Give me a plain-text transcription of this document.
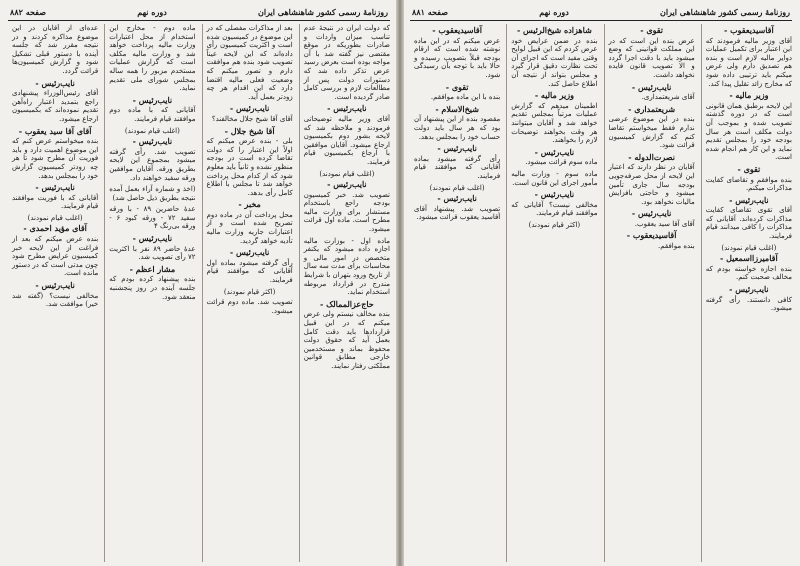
روزنامهٔ رسمی کشور شاهنشاهی ایران
دوره نهم
صفحه ۸۸۲

که دولت ایران در نتیجهٔ عدم تناسب میزان واردات و صادرات بطوریکه در موقع مقتضی نیز گفته شد با آن مواجه بوده است بعرض رسید عرض تذکر داده شد که دستورات دولت پس از مطالعات لازم و بررسی کامل صادر گردیده است.

نایب‌رئیس -

آقای وزیر مالیه توضیحاتی فرمودند و ملاحظه شد که لایحه بشور دوم بکمیسیون ارجاع میشود. آقایان موافقین با ارجاع بکمیسیون قیام فرمایند.

(اغلب قیام نمودند)
نایب‌رئیس -

تصویب شد. خبر کمیسیون بودجه راجع باستخدام مستشار برای وزارت مالیه مطرح است. ماده اول قرائت میشود.

ماده اول - بوزارت مالیه اجازه داده میشود که یکنفر متخصص در امور مالی و محاسبات برای مدت سه سال از تاریخ ورود بتهران با شرایط مندرج در قرارداد مربوطه استخدام نماید.

حاج‌عزالممالک -

بنده مخالف نیستم ولی عرض میکنم که در این قبیل قراردادها باید دقت کامل بعمل آید که حقوق دولت محفوظ بماند و مستخدمین خارجی مطابق قوانین مملکتی رفتار نمایند.

بعد از مذاکرات مفصلی که در این موضوع در کمیسیون شده است و اکثریت کمیسیون رأی داده‌اند که این لایحه عیناً تصویب شود بنده هم موافقت دارم و تصور میکنم که وضعیت فعلی مالیه اقتضا دارد که این اقدام هر چه زودتر بعمل آید.

نایب‌رئیس -

آقای آقا شیخ جلال مخالفند؟

آقا شیخ جلال -

بلی - بنده عرض میکنم که اولاً این اعتبار را که دولت تقاضا کرده است در بودجه منظور نشده و ثانیاً باید معلوم شود که از کدام محل پرداخت خواهد شد تا مجلس با اطلاع کامل رأی بدهد.

مخبر -

محل پرداخت آن در ماده دوم تصریح شده است و از اعتبارات جاریه وزارت مالیه تأدیه خواهد گردید.

نایب‌رئیس -

رأی گرفته میشود بماده اول آقایانی که موافقند قیام فرمایند.

(اکثر قیام نمودند)

تصویب شد. ماده دوم قرائت میشود.

ماده دوم - مخارج این استخدام از محل اعتبارات وزارت مالیه پرداخت خواهد شد و وزارت مالیه مکلف است که گزارش عملیات مستخدم مزبور را همه ساله بمجلس شورای ملی تقدیم نماید.

نایب‌رئیس -

آقایانی که با ماده دوم موافقند قیام فرمایند.

(اغلب قیام نمودند)
نایب‌رئیس -

تصویب شد. رأی گرفته میشود بمجموع این لایحه بطریق ورقه. آقایان موافقین ورقه سفید خواهند داد.

(اخذ و شماره آراء بعمل آمده نتیجه بطریق ذیل حاصل شد)

عدهٔ حاضرین ۸۹ - با ورقه سفید ۷۲ - ورقه کبود ۶ - ورقه بی‌رنگ ۴

نایب‌رئیس -

عدهٔ حاضر ۸۹ نفر با اکثریت ۷۲ رأی تصویب شد.

مشار اعظم -

بنده پیشنهاد کرده بودم که جلسه آینده در روز پنجشنبه منعقد شود.

عده‌ای از آقایان در این موضوع مذاکره کردند و در نتیجه مقرر شد که جلسه آینده با دستور قبلی تشکیل شود و گزارش کمیسیون‌ها قرائت گردد.

نایب‌رئیس -

آقای رئیس‌الوزراء پیشنهادی راجع بتمدید اعتبار راه‌آهن تقدیم نموده‌اند که بکمیسیون ارجاع میشود.

آقای آقا سید یعقوب -

بنده میخواستم عرض کنم که این موضوع اهمیت دارد و باید فوریت آن مطرح شود تا هر چه زودتر کمیسیون گزارش خود را بمجلس بدهد.

نایب‌رئیس -

آقایانی که با فوریت موافقند قیام فرمایند.

(اغلب قیام نمودند)
آقای مؤید احمدی -

بنده عرض میکنم که بعد از فراغت از این لایحه خبر کمیسیون عرایض مطرح شود چون مدتی است که در دستور مانده است.

نایب‌رئیس -

مخالفی نیست؟ (گفته شد خیر) موافقت شد.

روزنامهٔ رسمی کشور شاهنشاهی ایران
دوره نهم
صفحه ۸۸۱
آقاسیدیعقوب -

آقای وزیر مالیه فرمودند که این اعتبار برای تکمیل عملیات دوایر مالیه لازم است و بنده هم تصدیق دارم ولی عرض میکنم باید ترتیبی داده شود که مخارج زائد تقلیل پیدا کند.

وزیر مالیه -

این لایحه برطبق همان قانونی است که در دوره گذشته تصویب شده و بموجب آن دولت مکلف است هر سال بودجه خود را بمجلس تقدیم نماید و این کار هم انجام شده است.

تقوی -

بنده موافقم و تقاضای کفایت مذاکرات میکنم.

نایب‌رئیس -

آقای تقوی تقاضای کفایت مذاکرات کرده‌اند. آقایانی که مذاکرات را کافی میدانند قیام فرمایند.

(اغلب قیام نمودند)
آقامیرزا‌اسمعیل -

بنده اجازه خواسته بودم که مخالف صحبت کنم.

نایب‌رئیس -

کافی دانستند. رأی گرفته میشود.

تقوی -

عرض بنده این است که در این مملکت قوانینی که وضع میشود باید با دقت اجرا گردد و الا تصویب قانون فایده نخواهد داشت.

نایب‌رئیس -

آقای شریعتمداری.

شریعتمداری -

بنده در این موضوع عرضی ندارم فقط میخواستم تقاضا کنم که گزارش کمیسیون قرائت شود.

نصرت‌الدوله -

آقایان در نظر دارند که اعتبار این لایحه از محل صرفه‌جویی بودجه سال جاری تأمین میشود و حاجتی بافزایش مالیات نخواهد بود.

نایب‌رئیس -

آقای آقا سید یعقوب.

آقاسیدیعقوب -

بنده موافقم.

شاهزاده شیخ‌الرئیس -

بنده در ضمن عرایض خود عرض کردم که این قبیل لوایح وقتی مفید است که اجرای آن تحت نظارت دقیق قرار گیرد و مجلس بتواند از نتیجه آن اطلاع حاصل کند.

وزیر مالیه -

اطمینان میدهم که گزارش عملیات مرتباً بمجلس تقدیم خواهد شد و آقایان میتوانند هر وقت بخواهند توضیحات لازم را بخواهند.

نایب‌رئیس -

ماده سوم قرائت میشود.

ماده سوم - وزارت مالیه مأمور اجرای این قانون است.

نایب‌رئیس -

مخالفی نیست؟ آقایانی که موافقند قیام فرمایند.

(اکثر قیام نمودند)
آقاسیدیعقوب -

عرض میکنم که در این ماده نوشته شده است که ارقام بودجه قبلاً بتصویب رسیده و حالا باید با توجه بآن رسیدگی شود.

تقوی -

بنده با این ماده موافقم.

شیخ‌الاسلام -

مقصود بنده از این پیشنهاد آن بود که هر سال باید دولت حساب خود را بمجلس بدهد.

نایب‌رئیس -

رأی گرفته میشود بماده آقایانی که موافقند قیام فرمایند.

(اغلب قیام نمودند)
نایب‌رئیس -

تصویب شد. پیشنهاد آقای آقاسید یعقوب قرائت میشود.
